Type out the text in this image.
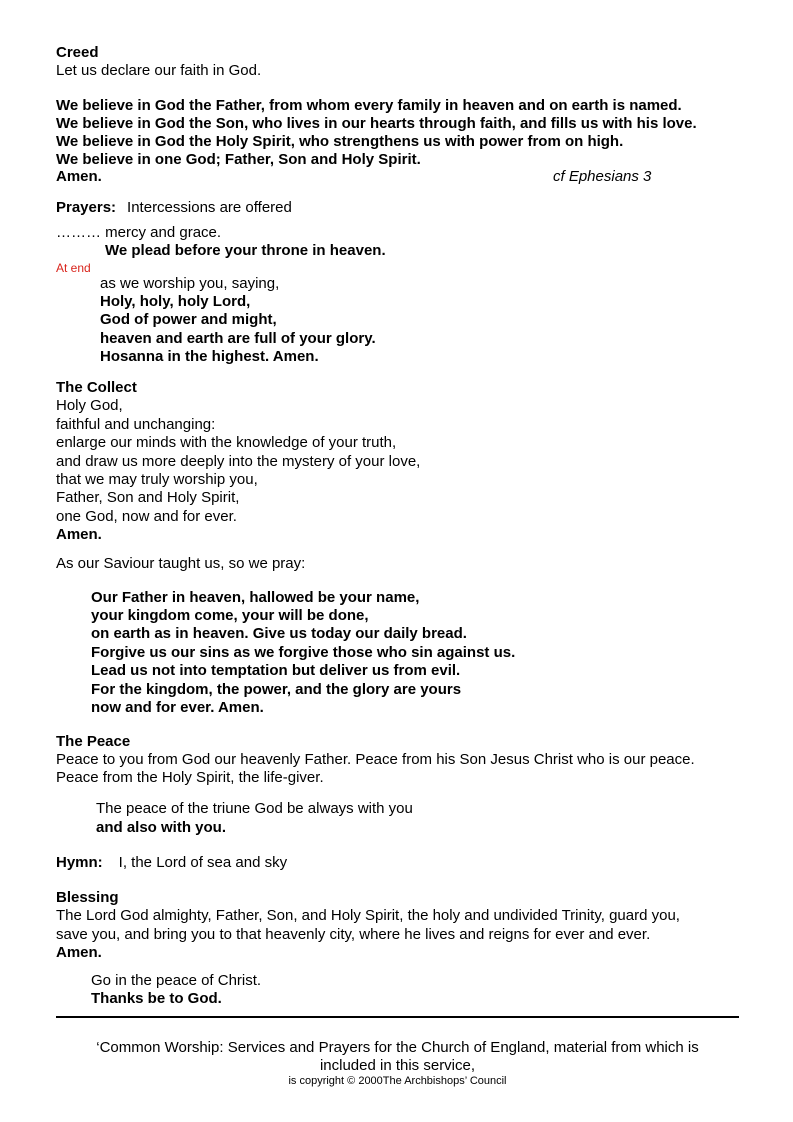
Creed
Let us declare our faith in God.
We believe in God the Father, from whom every family in heaven and on earth is named.
We believe in God the Son, who lives in our hearts through faith, and fills us with his love.
We believe in God the Holy Spirit, who strengthens us with power from on high.
We believe in one God; Father, Son and Holy Spirit.
Amen.	cf Ephesians 3
Prayers: Intercessions are offered
……… mercy and grace.
We plead before your throne in heaven.
At end
as we worship you, saying,
Holy, holy, holy Lord,
God of power and might,
heaven and earth are full of your glory.
Hosanna in the highest. Amen.
The Collect
Holy God,
faithful and unchanging:
enlarge our minds with the knowledge of your truth,
and draw us more deeply into the mystery of your love,
that we may truly worship you,
Father, Son and Holy Spirit,
one God, now and for ever.
Amen.
As our Saviour taught us, so we pray:
Our Father in heaven, hallowed be your name,
your kingdom come, your will be done,
on earth as in heaven. Give us today our daily bread.
Forgive us our sins as we forgive those who sin against us.
Lead us not into temptation but deliver us from evil.
For the kingdom, the power, and the glory are yours
now and for ever. Amen.
The Peace
Peace to you from God our heavenly Father. Peace from his Son Jesus Christ who is our peace.
Peace from the Holy Spirit, the life-giver.
The peace of the triune God be always with you
and also with you.
Hymn: I, the Lord of sea and sky
Blessing
The Lord God almighty, Father, Son, and Holy Spirit, the holy and undivided Trinity, guard you,
save you, and bring you to that heavenly city, where he lives and reigns for ever and ever.
Amen.
Go in the peace of Christ.
Thanks be to God.
‘Common Worship: Services and Prayers for the Church of England, material from which is
included in this service,
is copyright © 2000The Archbishops’ Council
